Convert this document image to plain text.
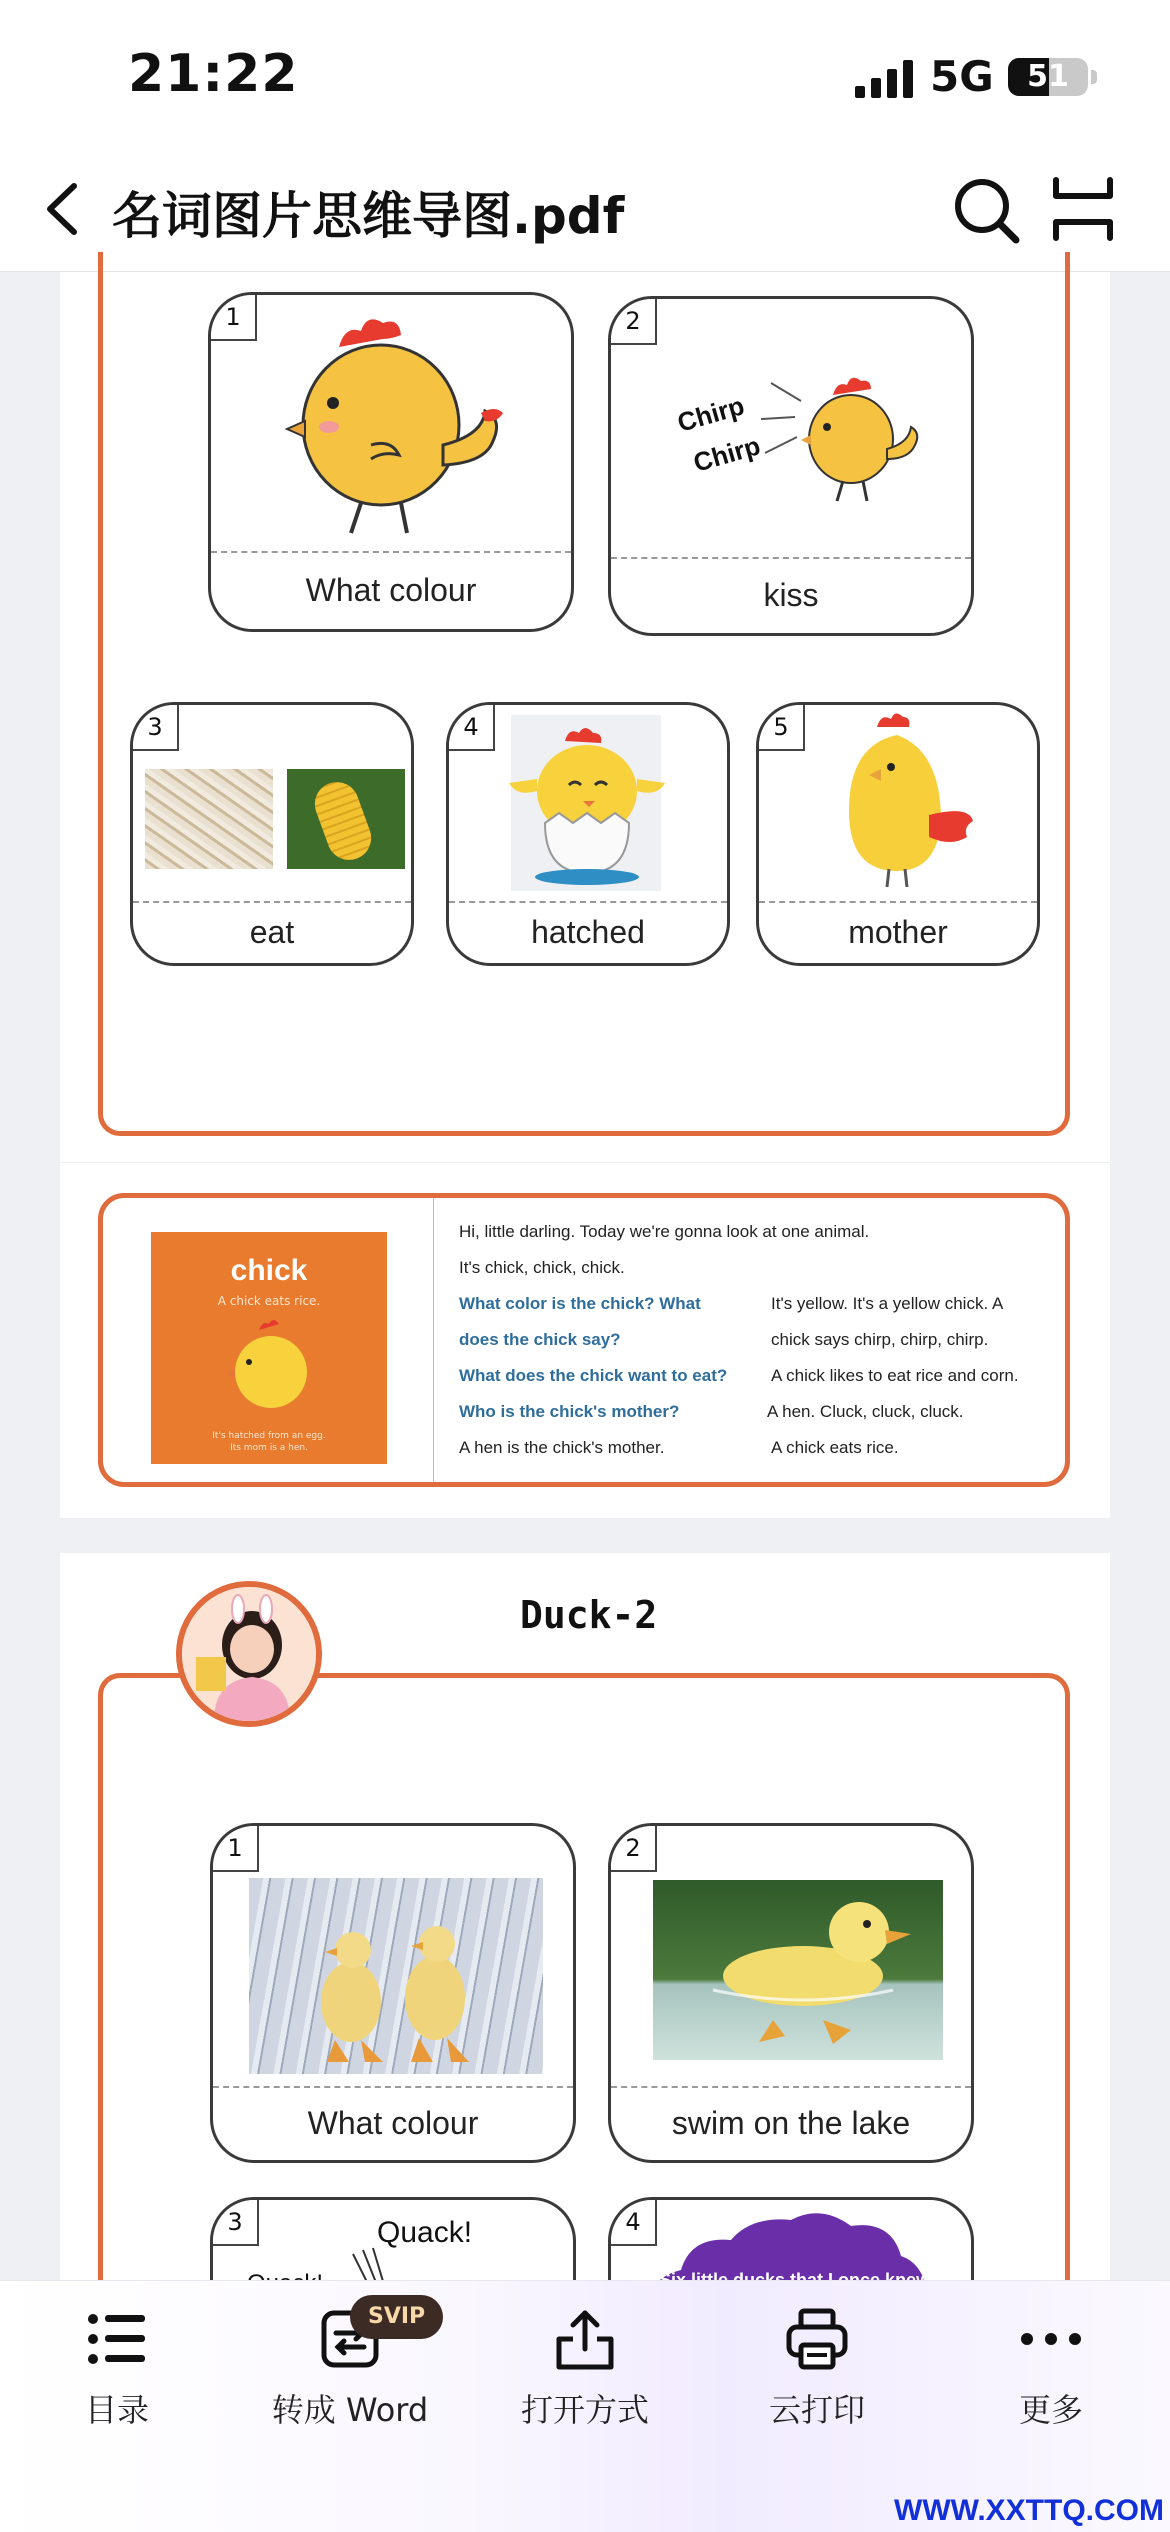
21:22	5G	51
名词图片思维导图.pdf
1
What colour
2
Chirp
Chirp
kiss
3
eat
4
hatched
5
mother
chick
A chick eats rice.
It's hatched from an egg.
Its mom is a hen.
Hi, little darling. Today we're gonna look at one animal.
It's chick, chick, chick.
What color is the chick? What	It's yellow. It's a yellow chick. A
does the chick say?	chick says chirp, chirp, chirp.
What does the chick want to eat?	A chick likes to eat rice and corn.
Who is the chick's mother?	A hen. Cluck, cluck, cluck.
A hen is the chick's mother.	A chick eats rice.
Duck-2
1
What colour
2
swim on the lake
3	Quack!	4
目录
SVIP
转成 Word	打开方式	云打印	更多
WWW.XXTTQ.COM
